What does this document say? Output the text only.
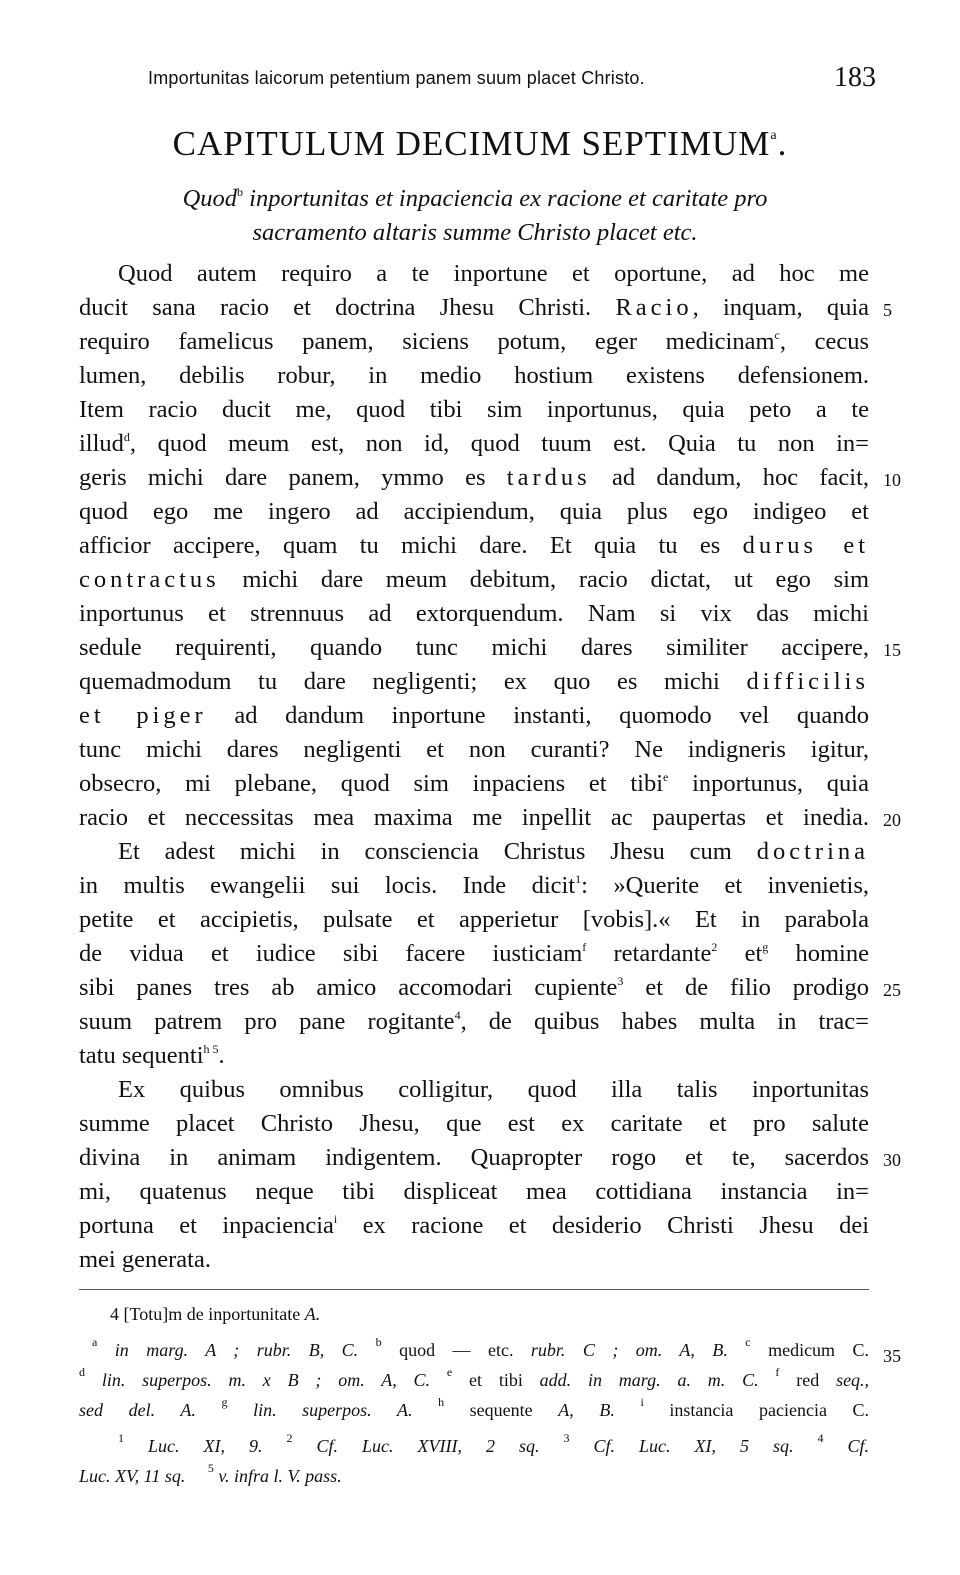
Importunitas laicorum petentium panem suum placet Christo.	183
CAPITULUM DECIMUM SEPTIMUM$^a$.
Quod$^b$ inportunitas et inpaciencia ex racione et caritate pro
sacramento altaris summe Christo placet etc.
Quod autem requiro a te inportune et oportune, ad hoc me
ducit sana racio et doctrina Jhesu Christi. Racio, inquam, quia
requiro famelicus panem, siciens potum, eger medicinam$^c$, cecus
lumen, debilis robur, in medio hostium existens defensionem.
Item racio ducit me, quod tibi sim inportunus, quia peto a te
illud$^d$, quod meum est, non id, quod tuum est. Quia tu non in=
geris michi dare panem, ymmo es tardus ad dandum, hoc facit,
quod ego me ingero ad accipiendum, quia plus ego indigeo et
afficior accipere, quam tu michi dare. Et quia tu es durus et
contractus michi dare meum debitum, racio dictat, ut ego sim
inportunus et strennuus ad extorquendum. Nam si vix das michi
sedule requirenti, quando tunc michi dares similiter accipere,
quemadmodum tu dare negligenti; ex quo es michi difficilis
et piger ad dandum inportune instanti, quomodo vel quando
tunc michi dares negligenti et non curanti? Ne indigneris igitur,
obsecro, mi plebane, quod sim inpaciens et tibi$^e$ inportunus, quia
racio et neccessitas mea maxima me inpellit ac paupertas et inedia.
Et adest michi in consciencia Christus Jhesu cum doctrina
in multis ewangelii sui locis. Inde dicit$^1$: »Querite et invenietis,
petite et accipietis, pulsate et apperietur [vobis].« Et in parabola
de vidua et iudice sibi facere iusticiam$^f$ retardante$^2$ et$^g$ homine
sibi panes tres ab amico accomodari cupiente$^3$ et de filio prodigo
suum patrem pro pane rogitante$^4$, de quibus habes multa in trac=
tatu sequenti$^{h 5}$.
Ex quibus omnibus colligitur, quod illa talis inportunitas
summe placet Christo Jhesu, que est ex caritate et pro salute
divina in animam indigentem. Quapropter rogo et te, sacerdos
mi, quatenus neque tibi displiceat mea cottidiana instancia in=
portuna et inpaciencia$^i$ ex racione et desiderio Christi Jhesu dei
mei generata.
5
10
15
20
25
30
35
4 [Totu]m de inportunitate A.
$^a$ in marg. A ; rubr. B, C. $^b$ quod — etc. rubr. C ; om. A, B. $^c$ medicum C.
$^d$ lin. superpos. m. x B ; om. A, C. $^e$ et tibi add. in marg. a. m. C. $^f$ red seq.,
sed del. A. $^g$ lin. superpos. A. $^h$ sequente A, B. $^i$ instancia paciencia C.
$^1$ Luc. XI, 9. $^2$ Cf. Luc. XVIII, 2 sq. $^3$ Cf. Luc. XI, 5 sq. $^4$ Cf.
Luc. XV, 11 sq. $^5$ v. infra l. V. pass.
